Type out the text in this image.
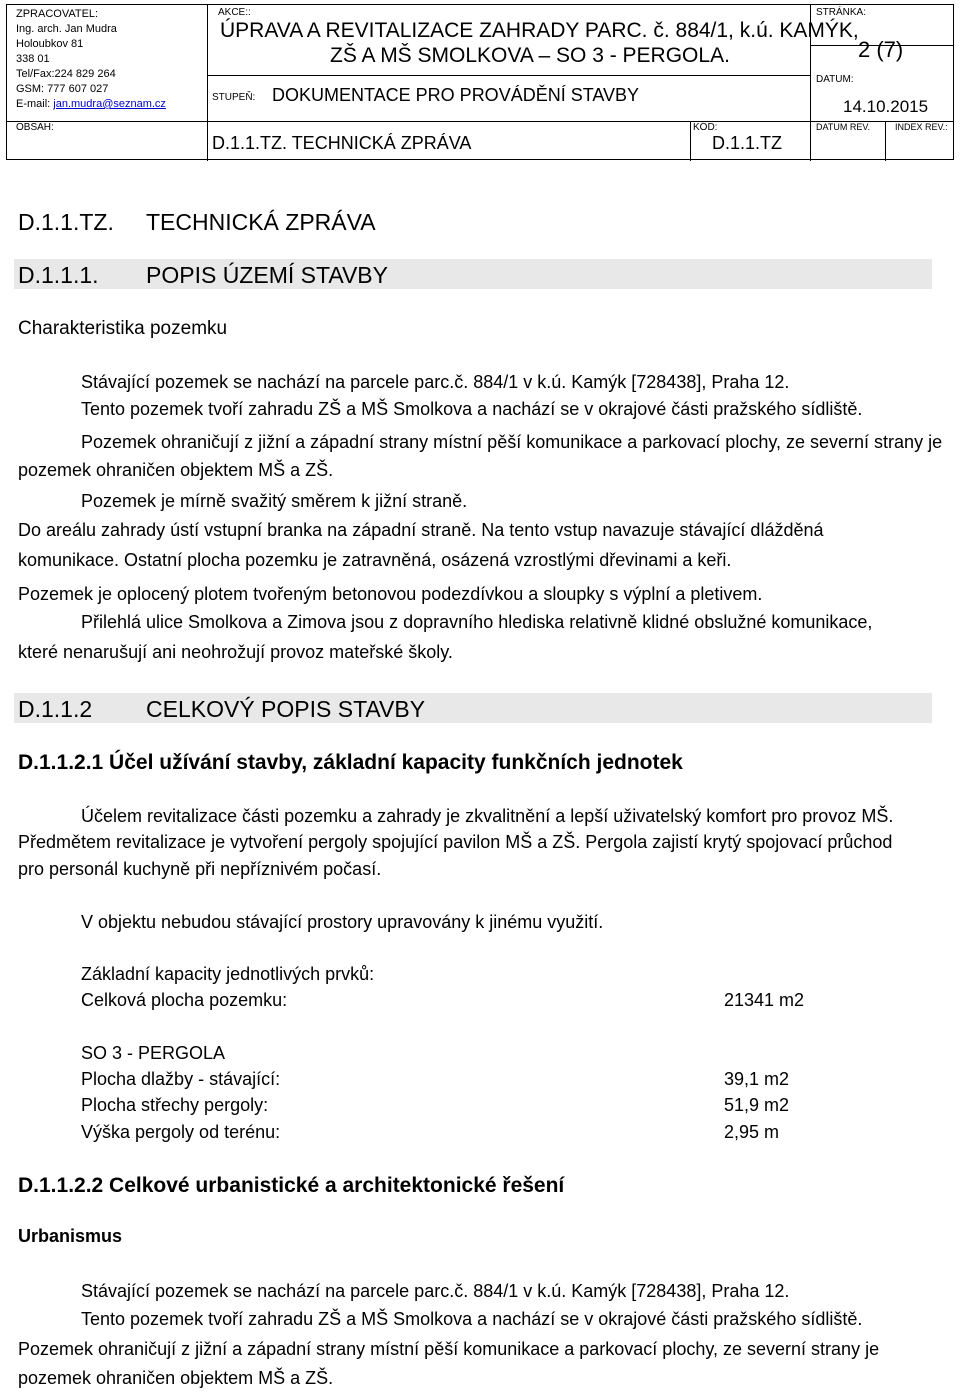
ZPRACOVATEL:
Ing. arch. Jan Mudra
Holoubkov 81
338 01
Tel/Fax:224 829 264
GSM: 777 607 027
E-mail: jan.mudra@seznam.cz
AKCE::
ÚPRAVA A REVITALIZACE ZAHRADY PARC. č. 884/1, k.ú. KAMÝK,
ZŠ A MŠ SMOLKOVA – SO 3 - PERGOLA.
STUPEŇ: DOKUMENTACE PRO PROVÁDĚNÍ STAVBY
STRÁNKA:
2 (7)
DATUM:
14.10.2015
OBSAH:
D.1.1.TZ. TECHNICKÁ ZPRÁVA
KÓD:
D.1.1.TZ
DATUM REV.	INDEX REV.:
D.1.1.TZ. TECHNICKÁ ZPRÁVA
D.1.1.1. POPIS ÚZEMÍ STAVBY
Charakteristika pozemku
Stávající pozemek se nachází na parcele parc.č. 884/1 v k.ú. Kamýk [728438], Praha 12.
Tento pozemek tvoří zahradu ZŠ a MŠ Smolkova a nachází se v okrajové části pražského sídliště.
Pozemek ohraničují z jižní a západní strany místní pěší komunikace a parkovací plochy, ze severní strany je
pozemek ohraničen objektem MŠ a ZŠ.
Pozemek je mírně svažitý směrem k jižní straně.
Do areálu zahrady ústí vstupní branka na západní straně. Na tento vstup navazuje stávající dlážděná
komunikace. Ostatní plocha pozemku je zatravněná, osázená vzrostlými dřevinami a keři.
Pozemek je oplocený plotem tvořeným betonovou podezdívkou a sloupky s výplní a pletivem.
Přilehlá ulice Smolkova a Zimova jsou z dopravního hlediska relativně klidné obslužné komunikace,
které nenarušují ani neohrožují provoz mateřské školy.
D.1.1.2 CELKOVÝ POPIS STAVBY
D.1.1.2.1 Účel užívání stavby, základní kapacity funkčních jednotek
Účelem revitalizace části pozemku a zahrady je zkvalitnění a lepší uživatelský komfort pro provoz MŠ.
Předmětem revitalizace je vytvoření pergoly spojující pavilon MŠ a ZŠ. Pergola zajistí krytý spojovací průchod
pro personál kuchyně při nepříznivém počasí.
V objektu nebudou stávající prostory upravovány k jinému využití.
Základní kapacity jednotlivých prvků:
Celková plocha pozemku:	21341 m2
SO 3 - PERGOLA
Plocha dlažby - stávající:	39,1 m2
Plocha střechy pergoly:	51,9 m2
Výška pergoly od terénu:	2,95 m
D.1.1.2.2 Celkové urbanistické a architektonické řešení
Urbanismus
Stávající pozemek se nachází na parcele parc.č. 884/1 v k.ú. Kamýk [728438], Praha 12.
Tento pozemek tvoří zahradu ZŠ a MŠ Smolkova a nachází se v okrajové části pražského sídliště.
Pozemek ohraničují z jižní a západní strany místní pěší komunikace a parkovací plochy, ze severní strany je
pozemek ohraničen objektem MŠ a ZŠ.
